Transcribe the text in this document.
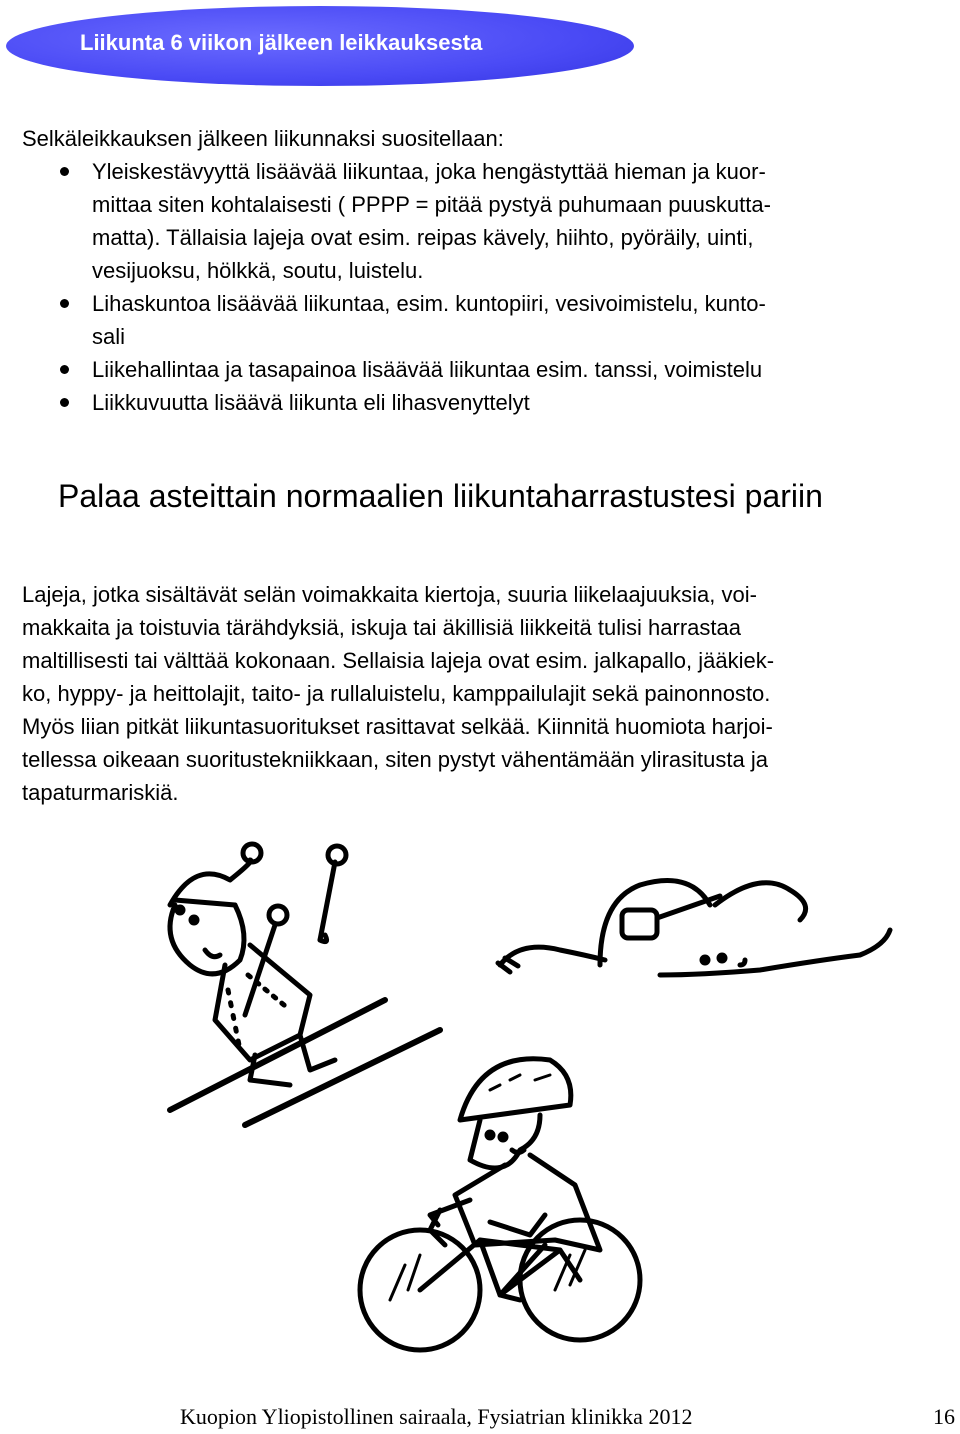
Liikunta 6 viikon jälkeen leikkauksesta
Selkäleikkauksen jälkeen liikunnaksi suositellaan:
Yleiskestävyyttä lisäävää liikuntaa, joka hengästyttää hieman ja kuor-
mittaa siten kohtalaisesti ( PPPP = pitää pystyä puhumaan puuskutta-
matta). Tällaisia lajeja ovat esim. reipas kävely, hiihto, pyöräily, uinti,
vesijuoksu, hölkkä, soutu, luistelu.
Lihaskuntoa lisäävää liikuntaa, esim. kuntopiiri, vesivoimistelu, kunto-
sali
Liikehallintaa ja tasapainoa lisäävää liikuntaa esim. tanssi, voimistelu
Liikkuvuutta lisäävä liikunta eli lihasvenyttelyt
Palaa asteittain normaalien liikuntaharrastustesi pariin
Lajeja, jotka sisältävät selän voimakkaita kiertoja, suuria liikelaajuuksia, voi-
makkaita ja toistuvia tärähdyksiä, iskuja tai äkillisiä liikkeitä tulisi harrastaa
maltillisesti tai välttää kokonaan. Sellaisia lajeja ovat esim. jalkapallo, jääkiek-
ko, hyppy- ja heittolajit, taito- ja rullaluistelu, kamppailulajit sekä painonnosto.
Myös liian pitkät liikuntasuoritukset rasittavat selkää. Kiinnitä huomiota harjoi-
tellessa oikeaan suoritustekniikkaan, siten pystyt vähentämään ylirasitusta ja
tapaturmariskiä.
Kuopion Yliopistollinen sairaala, Fysiatrian klinikka 2012	16
